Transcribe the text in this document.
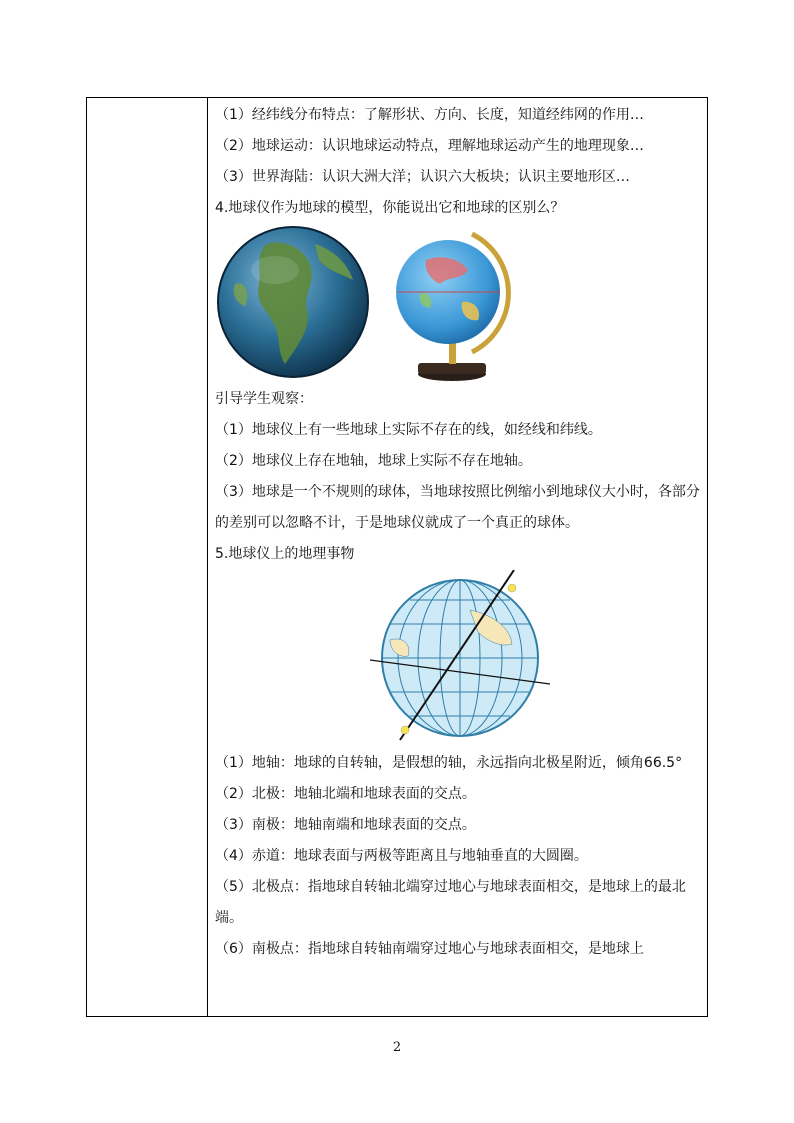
（1）经纬线分布特点：了解形状、方向、长度，知道经纬网的作用…
（2）地球运动：认识地球运动特点，理解地球运动产生的地理现象…
（3）世界海陆：认识大洲大洋；认识六大板块；认识主要地形区…
4.地球仪作为地球的模型，你能说出它和地球的区别么？
引导学生观察：
（1）地球仪上有一些地球上实际不存在的线，如经线和纬线。
（2）地球仪上存在地轴，地球上实际不存在地轴。
（3）地球是一个不规则的球体，当地球按照比例缩小到地球仪大小时，各部分的差别可以忽略不计，于是地球仪就成了一个真正的球体。
5.地球仪上的地理事物
（1）地轴：地球的自转轴，是假想的轴，永远指向北极星附近，倾角66.5°
（2）北极：地轴北端和地球表面的交点。
（3）南极：地轴南端和地球表面的交点。
（4）赤道：地球表面与两极等距离且与地轴垂直的大圆圈。
（5）北极点：指地球自转轴北端穿过地心与地球表面相交，是地球上的最北端。
（6）南极点：指地球自转轴南端穿过地心与地球表面相交，是地球上
2
